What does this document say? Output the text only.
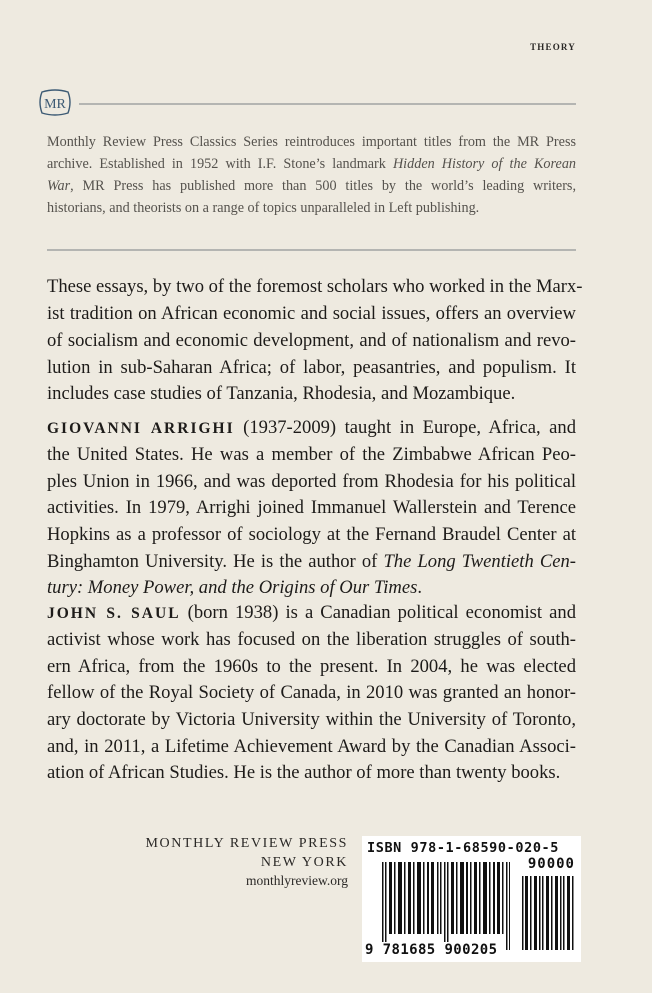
THEORY
MR
Monthly Review Press Classics Series reintroduces important titles from the MR Press
archive. Established in 1952 with I.F. Stone’s landmark Hidden History of the Korean
War, MR Press has published more than 500 titles by the world’s leading writers,
historians, and theorists on a range of topics unparalleled in Left publishing.
These essays, by two of the foremost scholars who worked in the Marx-
ist tradition on African economic and social issues, offers an overview
of socialism and economic development, and of nationalism and revo-
lution in sub-Saharan Africa; of labor, peasantries, and populism. It
includes case studies of Tanzania, Rhodesia, and Mozambique.
GIOVANNI ARRIGHI (1937-2009) taught in Europe, Africa, and
the United States. He was a member of the Zimbabwe African Peo-
ples Union in 1966, and was deported from Rhodesia for his political
activities. In 1979, Arrighi joined Immanuel Wallerstein and Terence
Hopkins as a professor of sociology at the Fernand Braudel Center at
Binghamton University. He is the author of The Long Twentieth Cen-
tury: Money Power, and the Origins of Our Times.
JOHN S. SAUL (born 1938) is a Canadian political economist and
activist whose work has focused on the liberation struggles of south-
ern Africa, from the 1960s to the present. In 2004, he was elected
fellow of the Royal Society of Canada, in 2010 was granted an honor-
ary doctorate by Victoria University within the University of Toronto,
and, in 2011, a Lifetime Achievement Award by the Canadian Associ-
ation of African Studies. He is the author of more than twenty books.
MONTHLY REVIEW PRESS
NEW YORK
monthlyreview.org
ISBN 978-1-68590-020-5
90000
9 781685 900205
